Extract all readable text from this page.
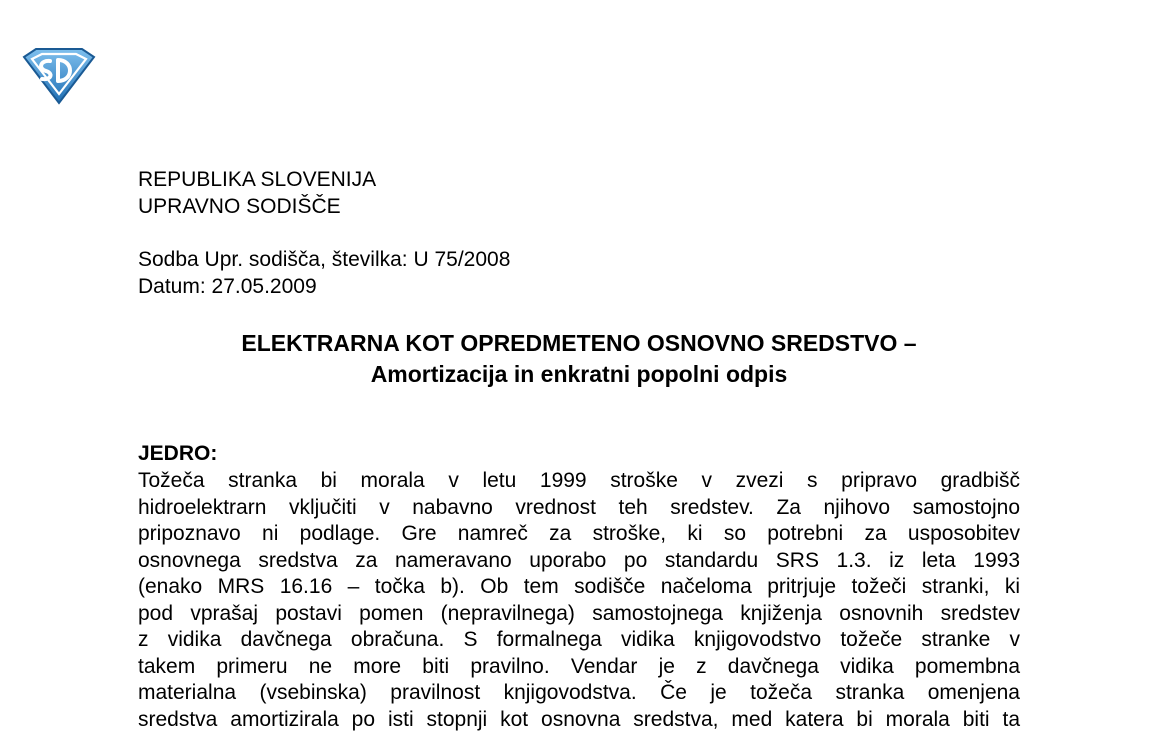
REPUBLIKA SLOVENIJA
UPRAVNO SODIŠČE
Sodba Upr. sodišča, številka: U 75/2008
Datum: 27.05.2009
ELEKTRARNA KOT OPREDMETENO OSNOVNO SREDSTVO –
Amortizacija in enkratni popolni odpis
JEDRO:
Tožeča stranka bi morala v letu 1999 stroške v zvezi s pripravo gradbišč
hidroelektrarn vključiti v nabavno vrednost teh sredstev. Za njihovo samostojno
pripoznavo ni podlage. Gre namreč za stroške, ki so potrebni za usposobitev
osnovnega sredstva za nameravano uporabo po standardu SRS 1.3. iz leta 1993
(enako MRS 16.16 – točka b). Ob tem sodišče načeloma pritrjuje tožeči stranki, ki
pod vprašaj postavi pomen (nepravilnega) samostojnega knjiženja osnovnih sredstev
z vidika davčnega obračuna. S formalnega vidika knjigovodstvo tožeče stranke v
takem primeru ne more biti pravilno. Vendar je z davčnega vidika pomembna
materialna (vsebinska) pravilnost knjigovodstva. Če je tožeča stranka omenjena
sredstva amortizirala po isti stopnji kot osnovna sredstva, med katera bi morala biti ta
